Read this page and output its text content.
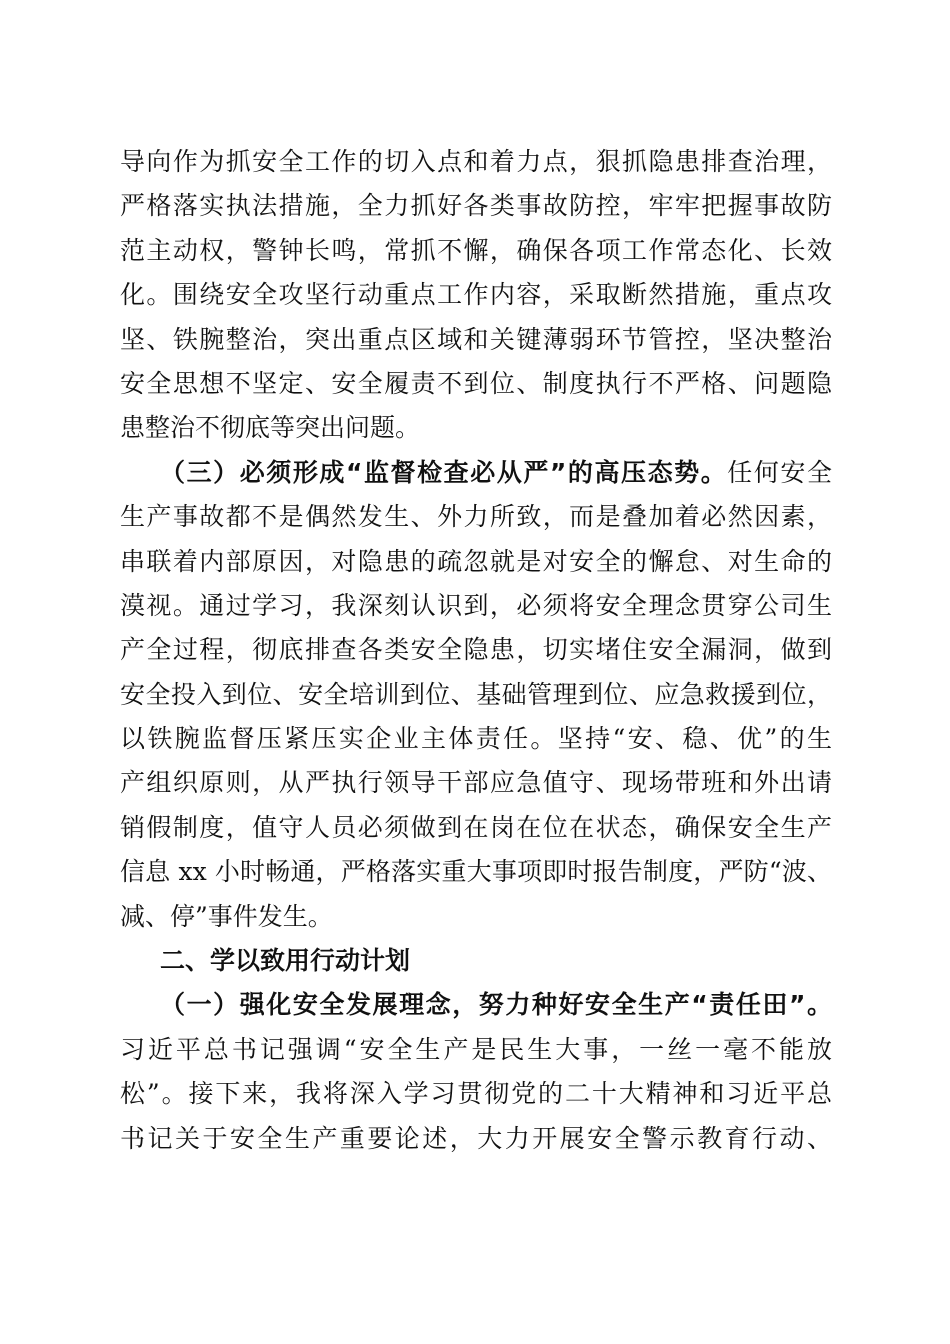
导向作为抓安全工作的切入点和着力点，狠抓隐患排查治理，
严格落实执法措施，全力抓好各类事故防控，牢牢把握事故防
范主动权，警钟长鸣，常抓不懈，确保各项工作常态化、长效
化。围绕安全攻坚行动重点工作内容，采取断然措施，重点攻
坚、铁腕整治，突出重点区域和关键薄弱环节管控，坚决整治
安全思想不坚定、安全履责不到位、制度执行不严格、问题隐
患整治不彻底等突出问题。
（三）必须形成“监督检查必从严”的高压态势。任何安全
生产事故都不是偶然发生、外力所致，而是叠加着必然因素，
串联着内部原因，对隐患的疏忽就是对安全的懈怠、对生命的
漠视。通过学习，我深刻认识到，必须将安全理念贯穿公司生
产全过程，彻底排查各类安全隐患，切实堵住安全漏洞，做到
安全投入到位、安全培训到位、基础管理到位、应急救援到位，
以铁腕监督压紧压实企业主体责任。坚持“安、稳、优”的生
产组织原则，从严执行领导干部应急值守、现场带班和外出请
销假制度，值守人员必须做到在岗在位在状态，确保安全生产
信息 xx 小时畅通，严格落实重大事项即时报告制度，严防“波、
减、停”事件发生。
二、学以致用行动计划
（一）强化安全发展理念，努力种好安全生产“责任田”。
习近平总书记强调“安全生产是民生大事，一丝一毫不能放
松”。接下来，我将深入学习贯彻党的二十大精神和习近平总
书记关于安全生产重要论述，大力开展安全警示教育行动、
